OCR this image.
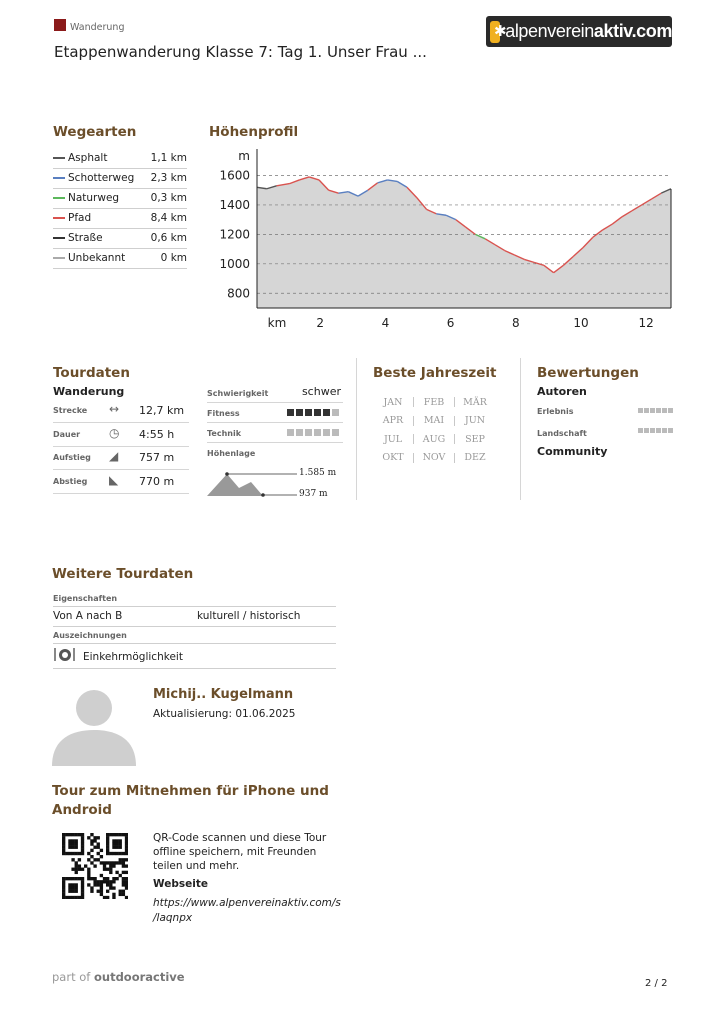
Wanderung
Etappenwanderung Klasse 7: Tag 1. Unser Frau ...
✱
alpenvereinaktiv.com
Wegearten
Asphalt	1,1 km
Schotterweg 2,3 km
Naturweg	0,3 km
Pfad	8,4 km
Straße	0,6 km
Unbekannt	0 km
Höhenprofil
800
1000
1200
1400
1600
m
2	4	6	8	10	12
km
Tourdaten
Wanderung
Strecke ↔ 12,7 km
Dauer ◷ 4:55 h
Aufstieg ◢ 757 m
Abstieg ◣ 770 m
Schwierigkeit	schwer
Fitness
Technik
Höhenlage
1.585 m
937 m
Beste Jahreszeit
JAN	FEB	MÄR
APR	MAI	JUN
JUL	AUG	SEP
OKT	NOV	DEZ
Bewertungen
Autoren
Erlebnis
Landschaft
Community
Weitere Tourdaten
Eigenschaften
Von A nach B	kulturell / historisch
Auszeichnungen
Einkehrmöglichkeit
Michij.. Kugelmann
Aktualisierung: 01.06.2025
Tour zum Mitnehmen für iPhone und
Android
QR-Code scannen und diese Tour
offline speichern, mit Freunden
teilen und mehr.
Webseite
https://www.alpenvereinaktiv.com/s
/laqnpx
part of outdooractive	2 / 2
